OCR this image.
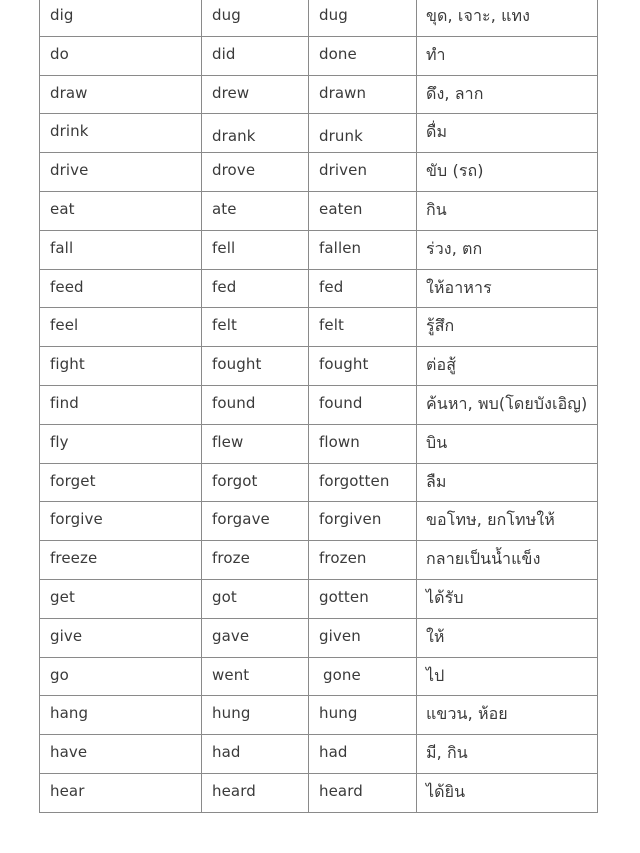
dig	dug	dug	ขุด, เจาะ, แทง
do	did	done	ทำ
draw	drew	drawn	ดึง, ลาก
drink	drank	drunk	ดื่ม
drive	drove	driven	ขับ (รถ)
eat	ate	eaten	กิน
fall	fell	fallen	ร่วง, ตก
feed	fed	fed	ให้อาหาร
feel	felt	felt	รู้สึก
fight	fought	fought	ต่อสู้
find	found	found	ค้นหา, พบ(โดยบังเอิญ)
fly	flew	flown	บิน
forget	forgot	forgotten	ลืม
forgive	forgave	forgiven	ขอโทษ, ยกโทษให้
freeze	froze	frozen	กลายเป็นน้ำแข็ง
get	got	gotten	ได้รับ
give	gave	given	ให้
go	went	gone	ไป
hang	hung	hung	แขวน, ห้อย
have	had	had	มี, กิน
hear	heard	heard	ได้ยิน
